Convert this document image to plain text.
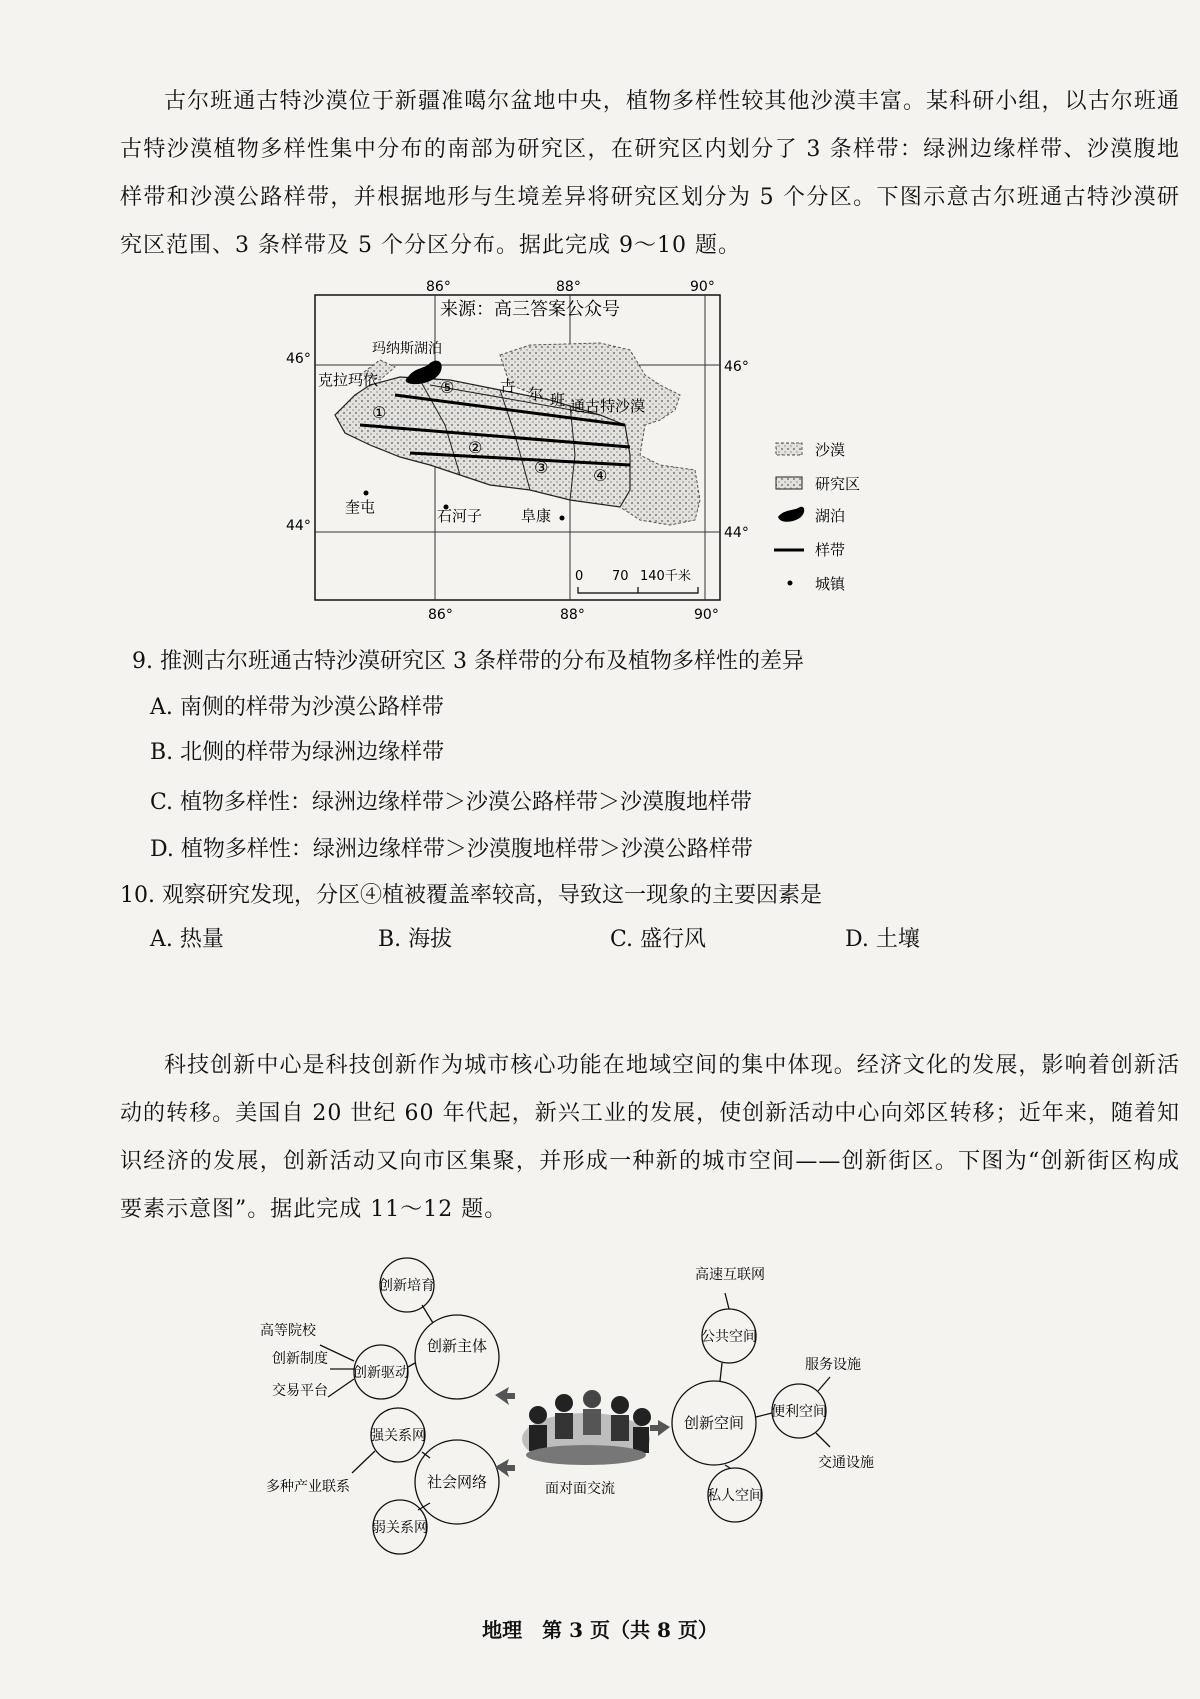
古尔班通古特沙漠位于新疆准噶尔盆地中央，植物多样性较其他沙漠丰富。某科研小组，以古尔班通古特沙漠植物多样性集中分布的南部为研究区，在研究区内划分了 3 条样带：绿洲边缘样带、沙漠腹地样带和沙漠公路样带，并根据地形与生境差异将研究区划分为 5 个分区。下图示意古尔班通古特沙漠研究区范围、3 条样带及 5 个分区分布。据此完成 9～10 题。

86°	88°	90°
86°	88°	90°
46°
44°
46°
44°
来源：高三答案公众号
玛纳斯湖泊
古 尔 班 通古特沙漠
克拉玛依
奎屯	石河子	阜康
①
②
③	④
⑤
0 70 140千米
沙漠
研究区
湖泊
样带
城镇
9. 推测古尔班通古特沙漠研究区 3 条样带的分布及植物多样性的差异
A. 南侧的样带为沙漠公路样带
B. 北侧的样带为绿洲边缘样带
C. 植物多样性：绿洲边缘样带＞沙漠公路样带＞沙漠腹地样带
D. 植物多样性：绿洲边缘样带＞沙漠腹地样带＞沙漠公路样带
10. 观察研究发现，分区④植被覆盖率较高，导致这一现象的主要因素是
A. 热量	B. 海拔	C. 盛行风	D. 土壤

科技创新中心是科技创新作为城市核心功能在地域空间的集中体现。经济文化的发展，影响着创新活动的转移。美国自 20 世纪 60 年代起，新兴工业的发展，使创新活动中心向郊区转移；近年来，随着知识经济的发展，创新活动又向市区集聚，并形成一种新的城市空间——创新街区。下图为“创新街区构成要素示意图”。据此完成 11～12 题。

创新主体
创新培育
创新驱动
高等院校
创新制度
交易平台
社会网络
强关系网
弱关系网
多种产业联系	面对面交流
创新空间
公共空间
高速互联网
便利空间
服务设施
交通设施
私人空间
地理　第 3 页（共 8 页）
